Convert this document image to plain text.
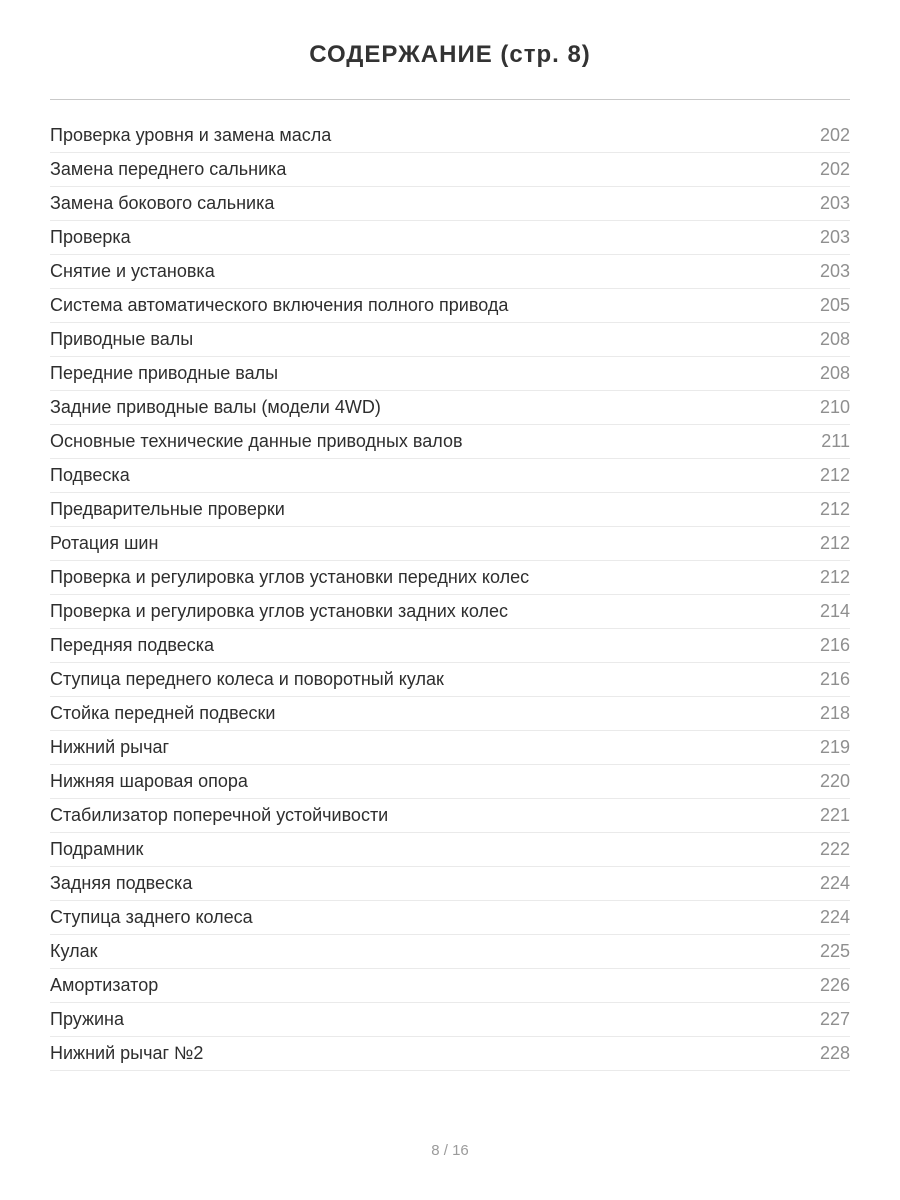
СОДЕРЖАНИЕ (стр. 8)
Проверка уровня и замена масла	202
Замена переднего сальника	202
Замена бокового сальника	203
Проверка	203
Снятие и установка	203
Система автоматического включения полного привода	205
Приводные валы	208
Передние приводные валы	208
Задние приводные валы (модели 4WD)	210
Основные технические данные приводных валов	211
Подвеска	212
Предварительные проверки	212
Ротация шин	212
Проверка и регулировка углов установки передних колес	212
Проверка и регулировка углов установки задних колес	214
Передняя подвеска	216
Ступица переднего колеса и поворотный кулак	216
Стойка передней подвески	218
Нижний рычаг	219
Нижняя шаровая опора	220
Стабилизатор поперечной устойчивости	221
Подрамник	222
Задняя подвеска	224
Ступица заднего колеса	224
Кулак	225
Амортизатор	226
Пружина	227
Нижний рычаг №2	228
8 / 16
